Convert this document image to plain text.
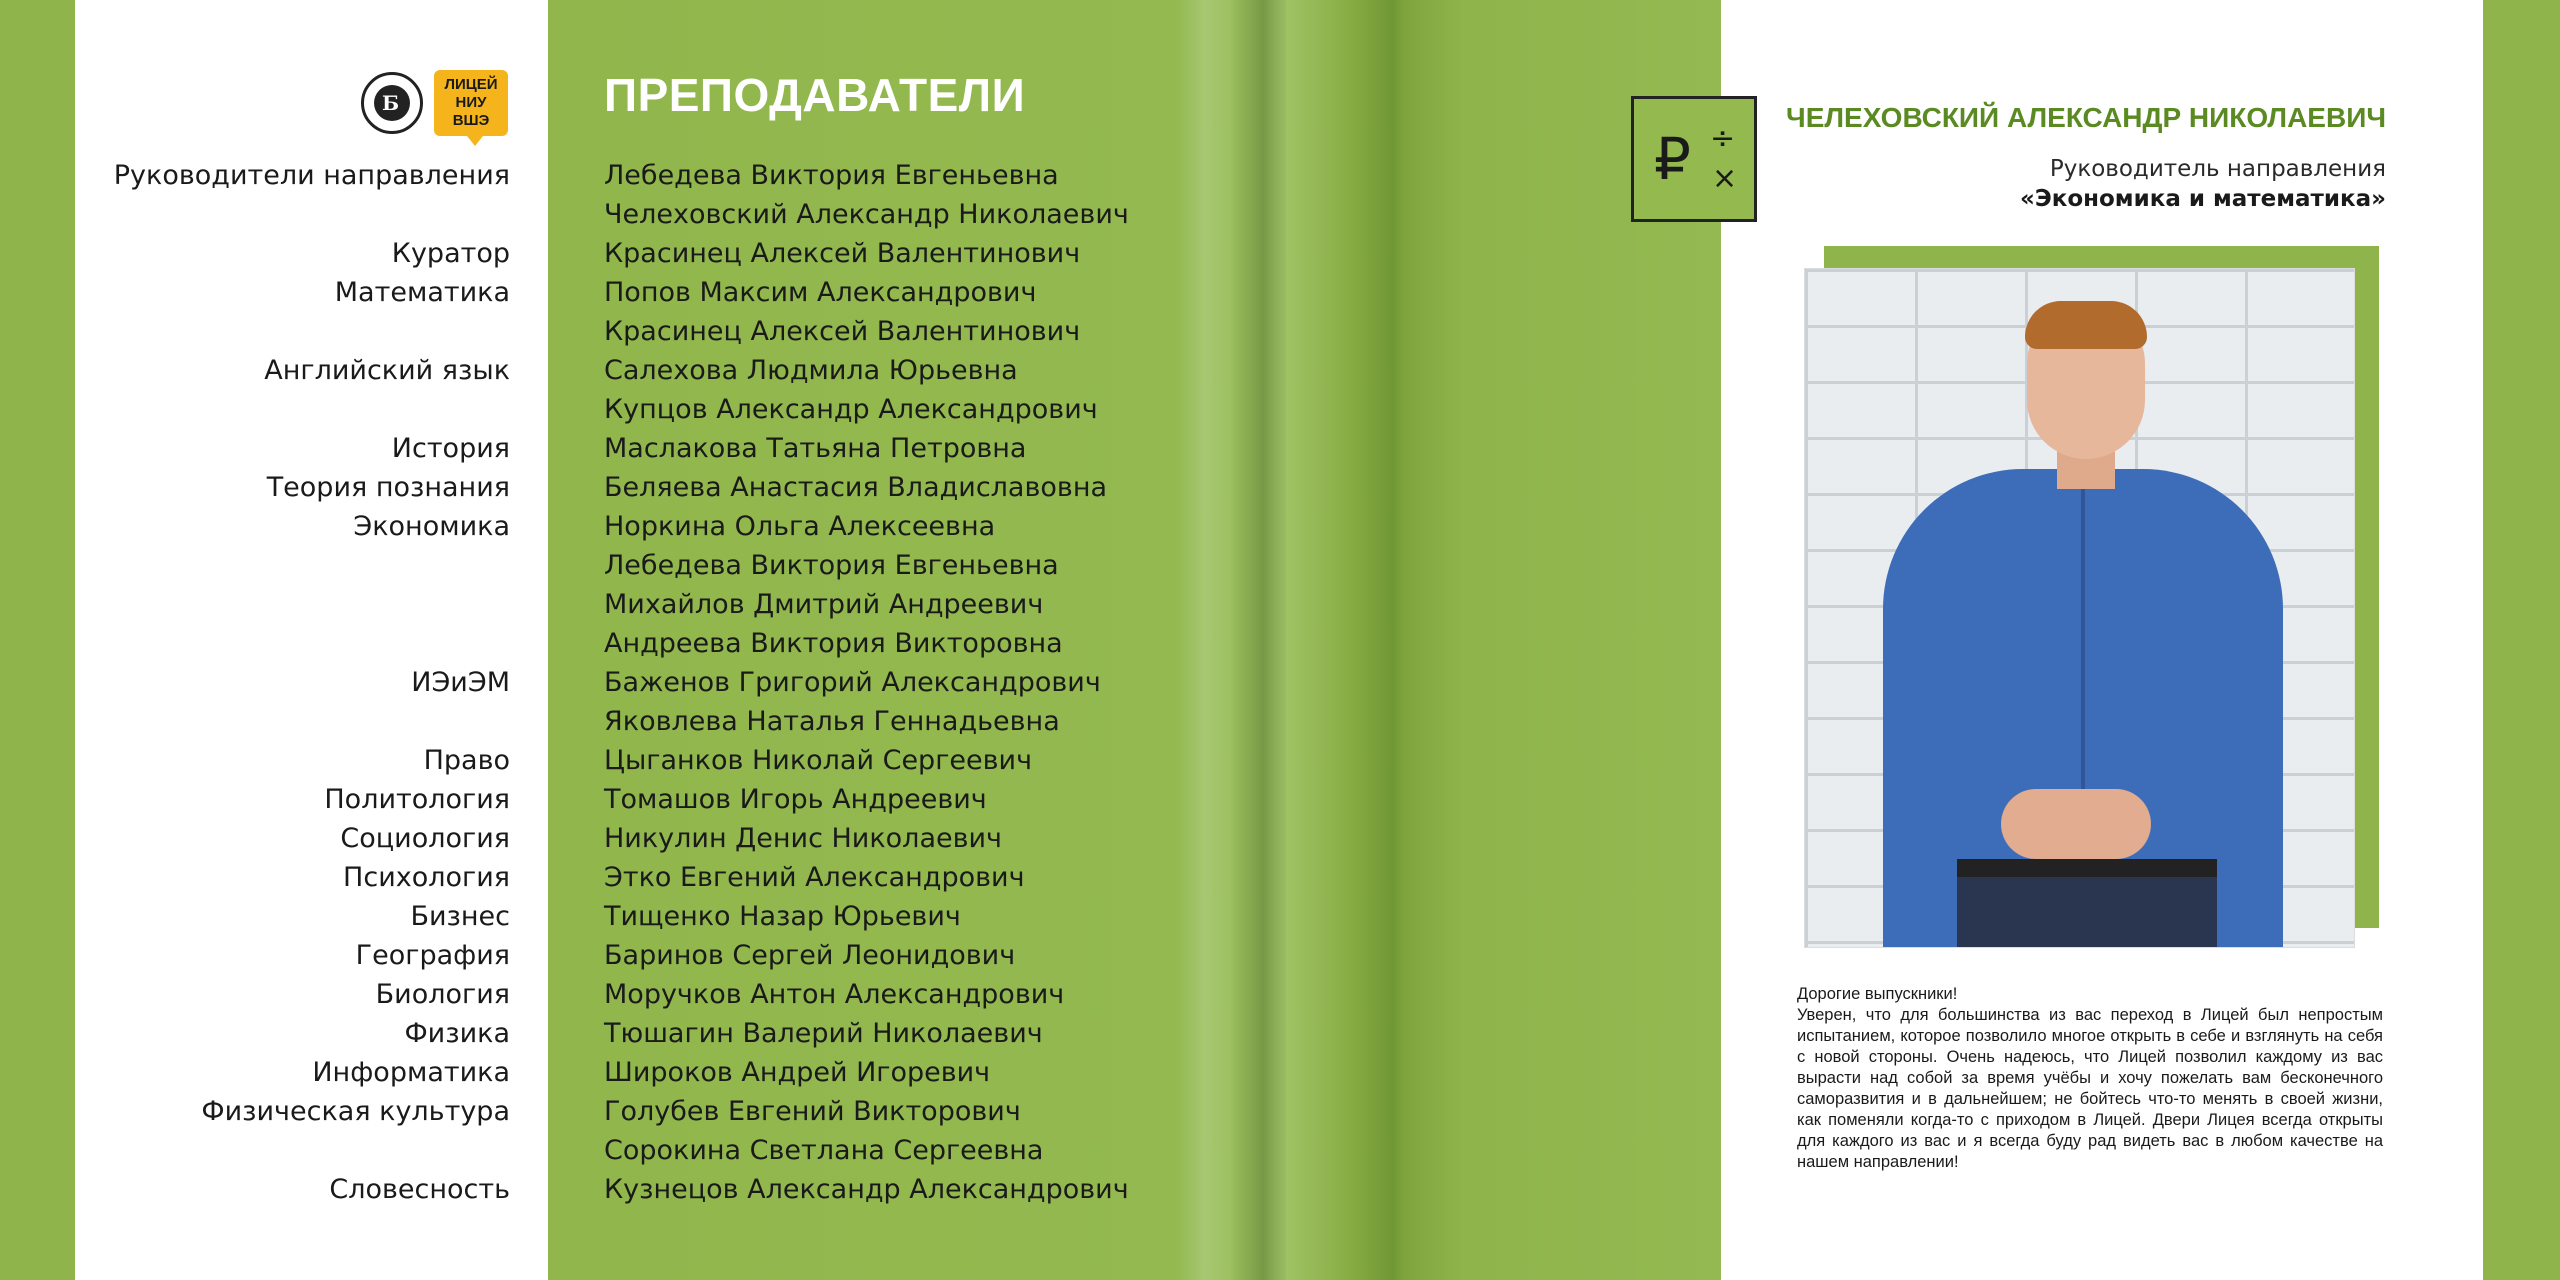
Б
ЛИЦЕЙ
НИУ
ВШЭ
Руководители направления
Куратор
Математика
Английский язык
История
Теория познания
Экономика
ИЭиЭМ
Право
Политология
Социология
Психология
Бизнес
География
Биология
Физика
Информатика
Физическая культура
Словесность
ПРЕПОДАВАТЕЛИ
Лебедева Виктория Евгеньевна
Челеховский Александр Николаевич
Красинец Алексей Валентинович
Попов Максим Александрович
Красинец Алексей Валентинович
Салехова Людмила Юрьевна
Купцов Александр Александрович
Маслакова Татьяна Петровна
Беляева Анастасия Владиславовна
Норкина Ольга Алексеевна
Лебедева Виктория Евгеньевна
Михайлов Дмитрий Андреевич
Андреева Виктория Викторовна
Баженов Григорий Александрович
Яковлева Наталья Геннадьевна
Цыганков Николай Сергеевич
Томашов Игорь Андреевич
Никулин Денис Николаевич
Этко Евгений Александрович
Тищенко Назар Юрьевич
Баринов Сергей Леонидович
Моручков Антон Александрович
Тюшагин Валерий Николаевич
Широков Андрей Игоревич
Голубев Евгений Викторович
Сорокина Светлана Сергеевна
Кузнецов Александр Александрович
₽ ÷
×
ЧЕЛЕХОВСКИЙ АЛЕКСАНДР НИКОЛАЕВИЧ
Руководитель направления
«Экономика и математика»

Дорогие выпускники!

Уверен, что для большинства из вас переход в Лицей был непростым испытанием, которое позволило многое открыть в себе и взглянуть на себя с новой стороны. Очень надеюсь, что Лицей позволил каждому из вас вырасти над собой за время учёбы и хочу пожелать вам бесконечного саморазвития и в дальнейшем; не бойтесь что-то менять в своей жизни, как поменяли когда-то с приходом в Лицей. Двери Лицея всегда открыты для каждого из вас и я всегда буду рад видеть вас в любом качестве на нашем направлении!
